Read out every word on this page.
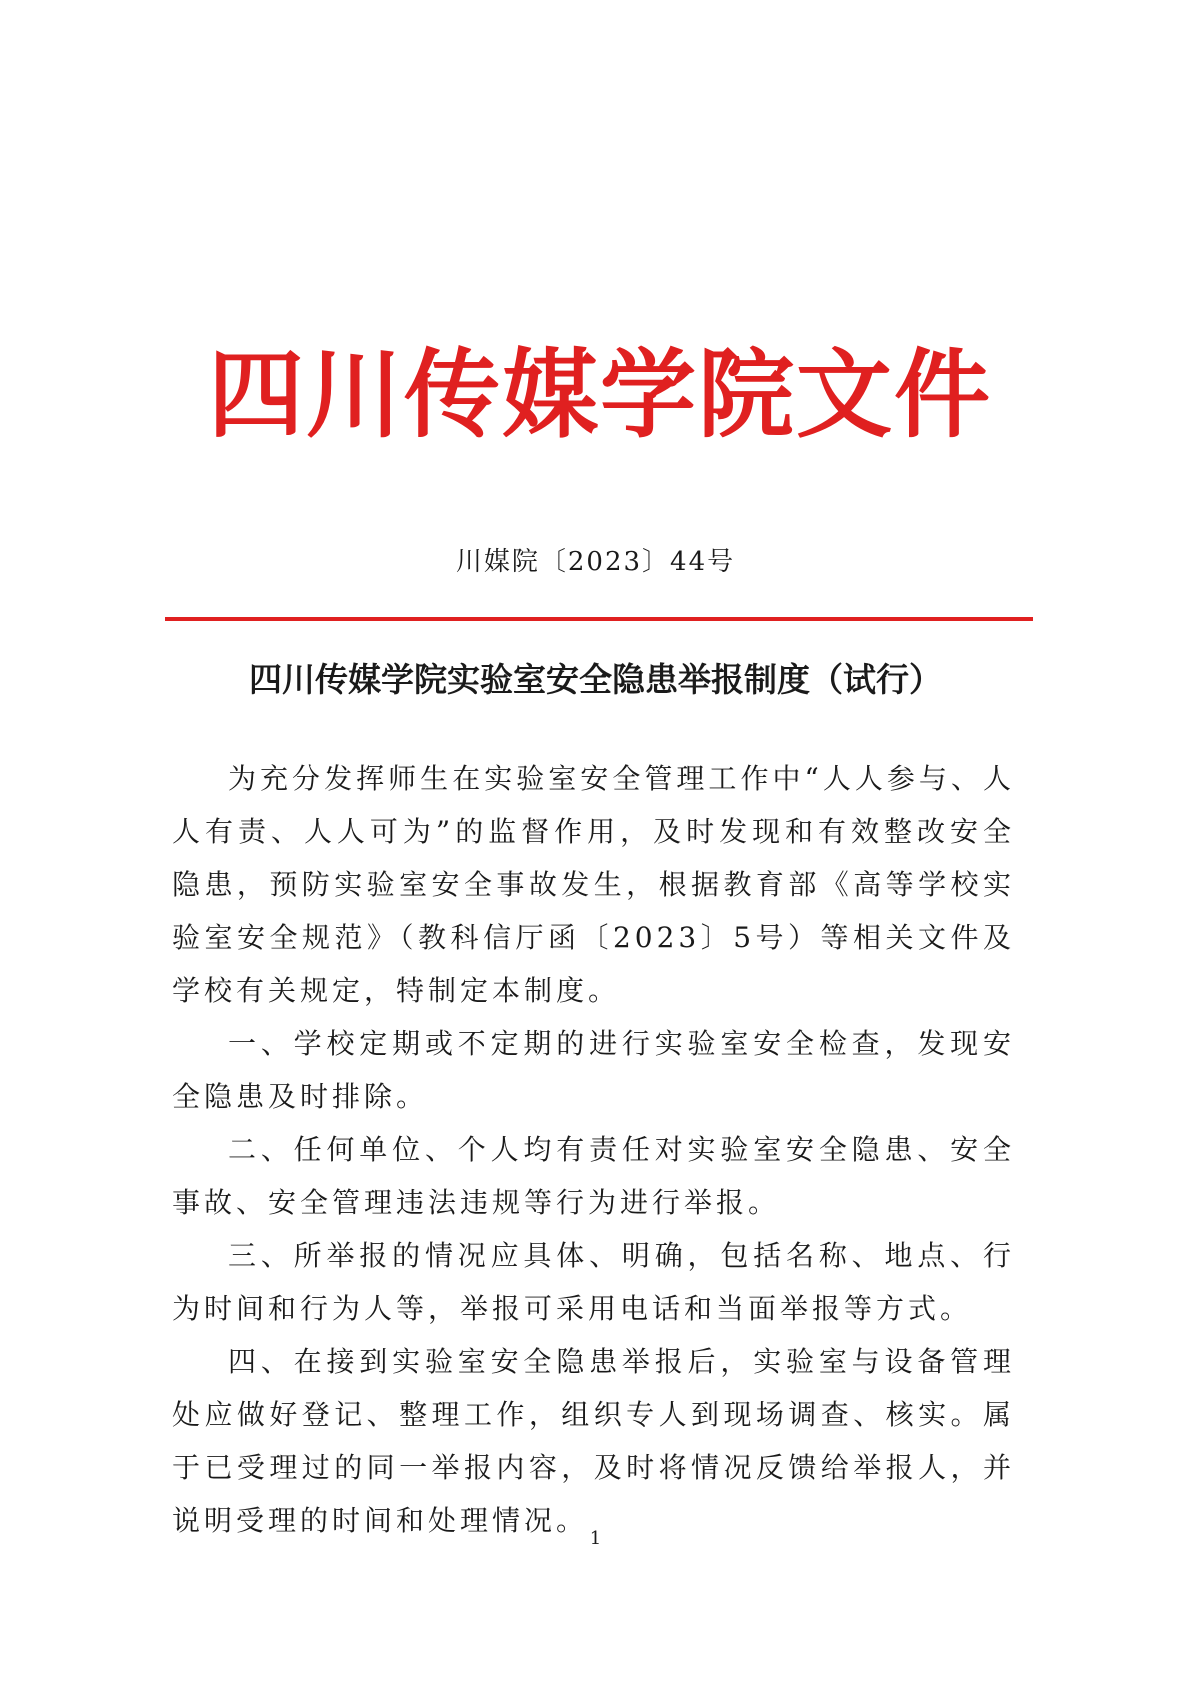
四川传媒学院文件
川媒院〔2023〕44号
四川传媒学院实验室安全隐患举报制度（试行）

为充分发挥师生在实验室安全管理工作中“人人参与、人人有责、人人可为”的监督作用，及时发现和有效整改安全隐患，预防实验室安全事故发生，根据教育部《高等学校实验室安全规范》（教科信厅函〔2023〕5号）等相关文件及学校有关规定，特制定本制度。

一、学校定期或不定期的进行实验室安全检查，发现安全隐患及时排除。

二、任何单位、个人均有责任对实验室安全隐患、安全事故、安全管理违法违规等行为进行举报。

三、所举报的情况应具体、明确，包括名称、地点、行为时间和行为人等，举报可采用电话和当面举报等方式。

四、在接到实验室安全隐患举报后，实验室与设备管理处应做好登记、整理工作，组织专人到现场调查、核实。属于已受理过的同一举报内容，及时将情况反馈给举报人，并说明受理的时间和处理情况。

1
